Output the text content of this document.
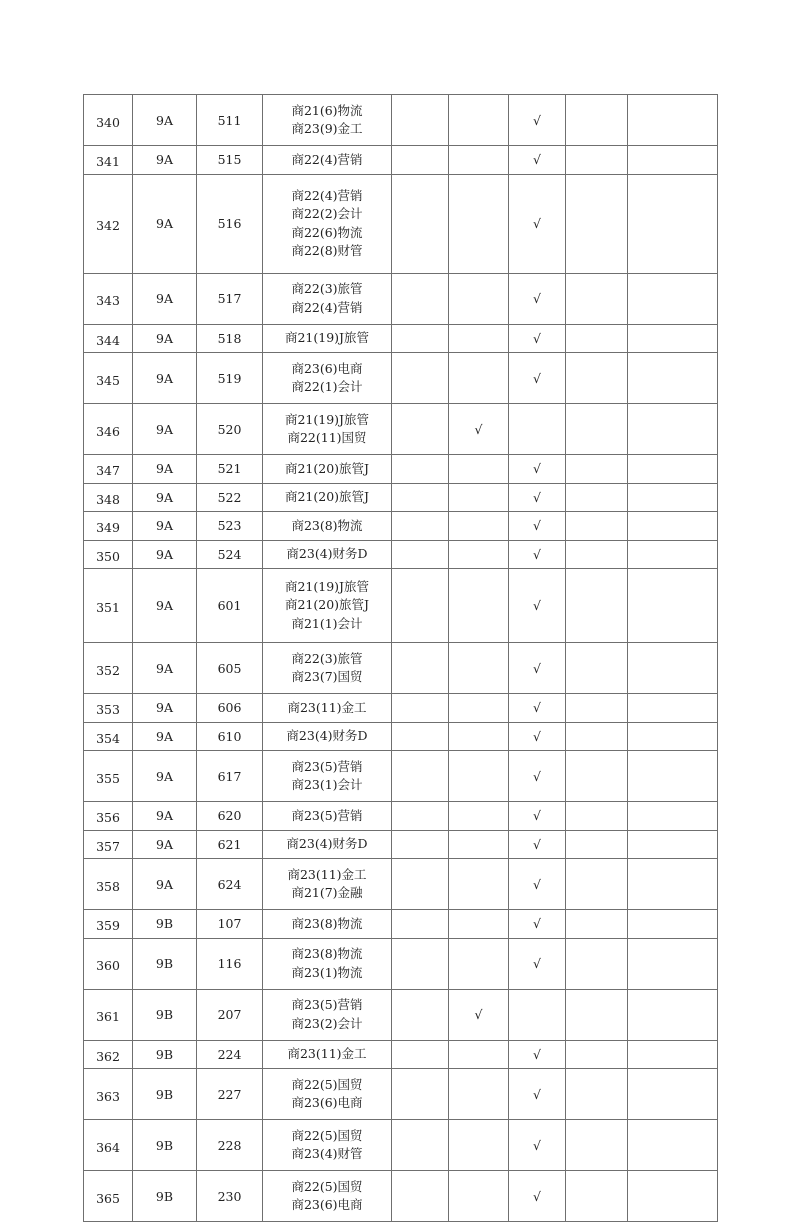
340	9A	511	商21(6)物流
商23(9)金工			√		
341	9A	515	商22(4)营销			√		
342	9A	516	商22(4)营销
商22(2)会计
商22(6)物流
商22(8)财管			√		
343	9A	517	商22(3)旅管
商22(4)营销			√		
344	9A	518	商21(19)J旅管			√		
345	9A	519	商23(6)电商
商22(1)会计			√		
346	9A	520	商21(19)J旅管
商22(11)国贸		√			
347	9A	521	商21(20)旅管J			√		
348	9A	522	商21(20)旅管J			√		
349	9A	523	商23(8)物流			√		
350	9A	524	商23(4)财务D			√		
351	9A	601	商21(19)J旅管
商21(20)旅管J
商21(1)会计			√		
352	9A	605	商22(3)旅管
商23(7)国贸			√		
353	9A	606	商23(11)金工			√		
354	9A	610	商23(4)财务D			√		
355	9A	617	商23(5)营销
商23(1)会计			√		
356	9A	620	商23(5)营销			√		
357	9A	621	商23(4)财务D			√		
358	9A	624	商23(11)金工
商21(7)金融			√		
359	9B	107	商23(8)物流			√		
360	9B	116	商23(8)物流
商23(1)物流			√		
361	9B	207	商23(5)营销
商23(2)会计		√			
362	9B	224	商23(11)金工			√		
363	9B	227	商22(5)国贸
商23(6)电商			√		
364	9B	228	商22(5)国贸
商23(4)财管			√		
365	9B	230	商22(5)国贸
商23(6)电商			√		
